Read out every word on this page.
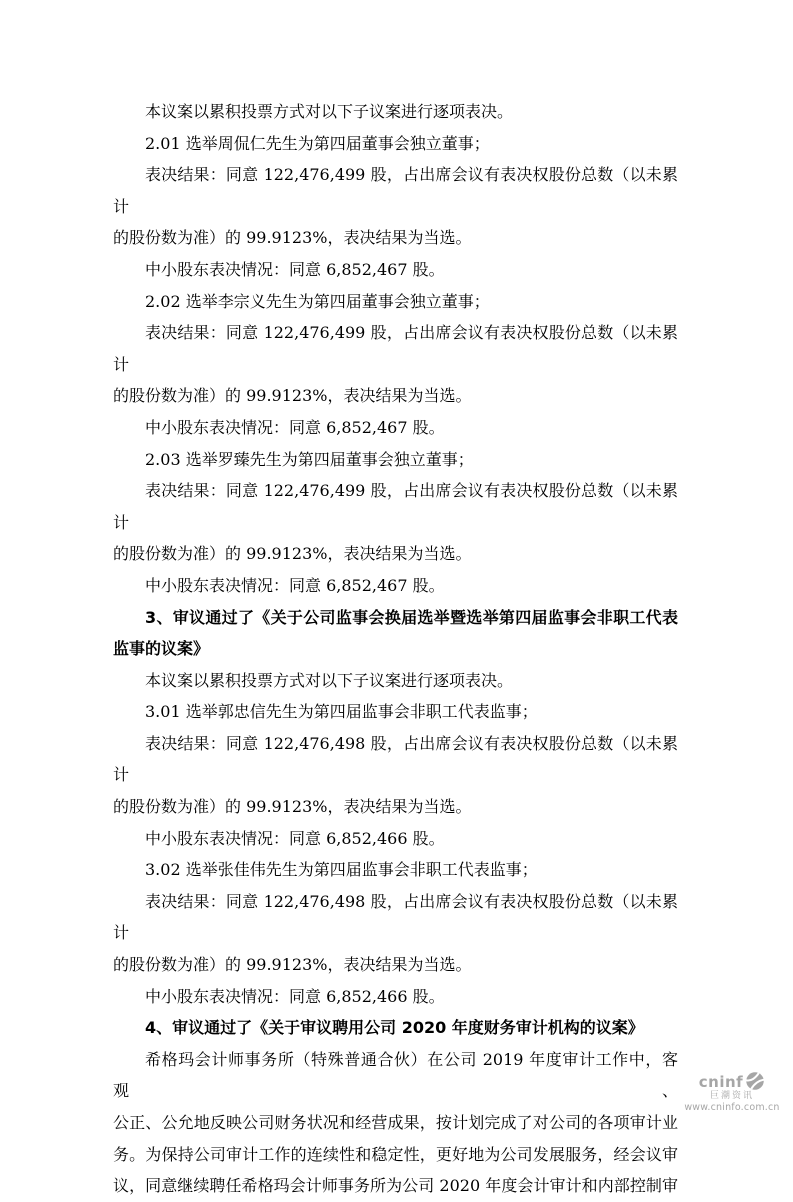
本议案以累积投票方式对以下子议案进行逐项表决。
2.01 选举周侃仁先生为第四届董事会独立董事；
表决结果：同意 122,476,499 股，占出席会议有表决权股份总数（以未累计
的股份数为准）的 99.9123%，表决结果为当选。
中小股东表决情况：同意 6,852,467 股。
2.02 选举李宗义先生为第四届董事会独立董事；
表决结果：同意 122,476,499 股，占出席会议有表决权股份总数（以未累计
的股份数为准）的 99.9123%，表决结果为当选。
中小股东表决情况：同意 6,852,467 股。
2.03 选举罗臻先生为第四届董事会独立董事；
表决结果：同意 122,476,499 股，占出席会议有表决权股份总数（以未累计
的股份数为准）的 99.9123%，表决结果为当选。
中小股东表决情况：同意 6,852,467 股。
3、审议通过了《关于公司监事会换届选举暨选举第四届监事会非职工代表
监事的议案》
本议案以累积投票方式对以下子议案进行逐项表决。
3.01 选举郭忠信先生为第四届监事会非职工代表监事；
表决结果：同意 122,476,498 股，占出席会议有表决权股份总数（以未累计
的股份数为准）的 99.9123%，表决结果为当选。
中小股东表决情况：同意 6,852,466 股。
3.02 选举张佳伟先生为第四届监事会非职工代表监事；
表决结果：同意 122,476,498 股，占出席会议有表决权股份总数（以未累计
的股份数为准）的 99.9123%，表决结果为当选。
中小股东表决情况：同意 6,852,466 股。
4、审议通过了《关于审议聘用公司 2020 年度财务审计机构的议案》
希格玛会计师事务所（特殊普通合伙）在公司 2019 年度审计工作中，客观、
公正、公允地反映公司财务状况和经营成果，按计划完成了对公司的各项审计业
务。为保持公司审计工作的连续性和稳定性，更好地为公司发展服务，经会议审
议，同意继续聘任希格玛会计师事务所为公司 2020 年度会计审计和内部控制审
cninf
巨潮资讯
www.cninfo.com.cn
